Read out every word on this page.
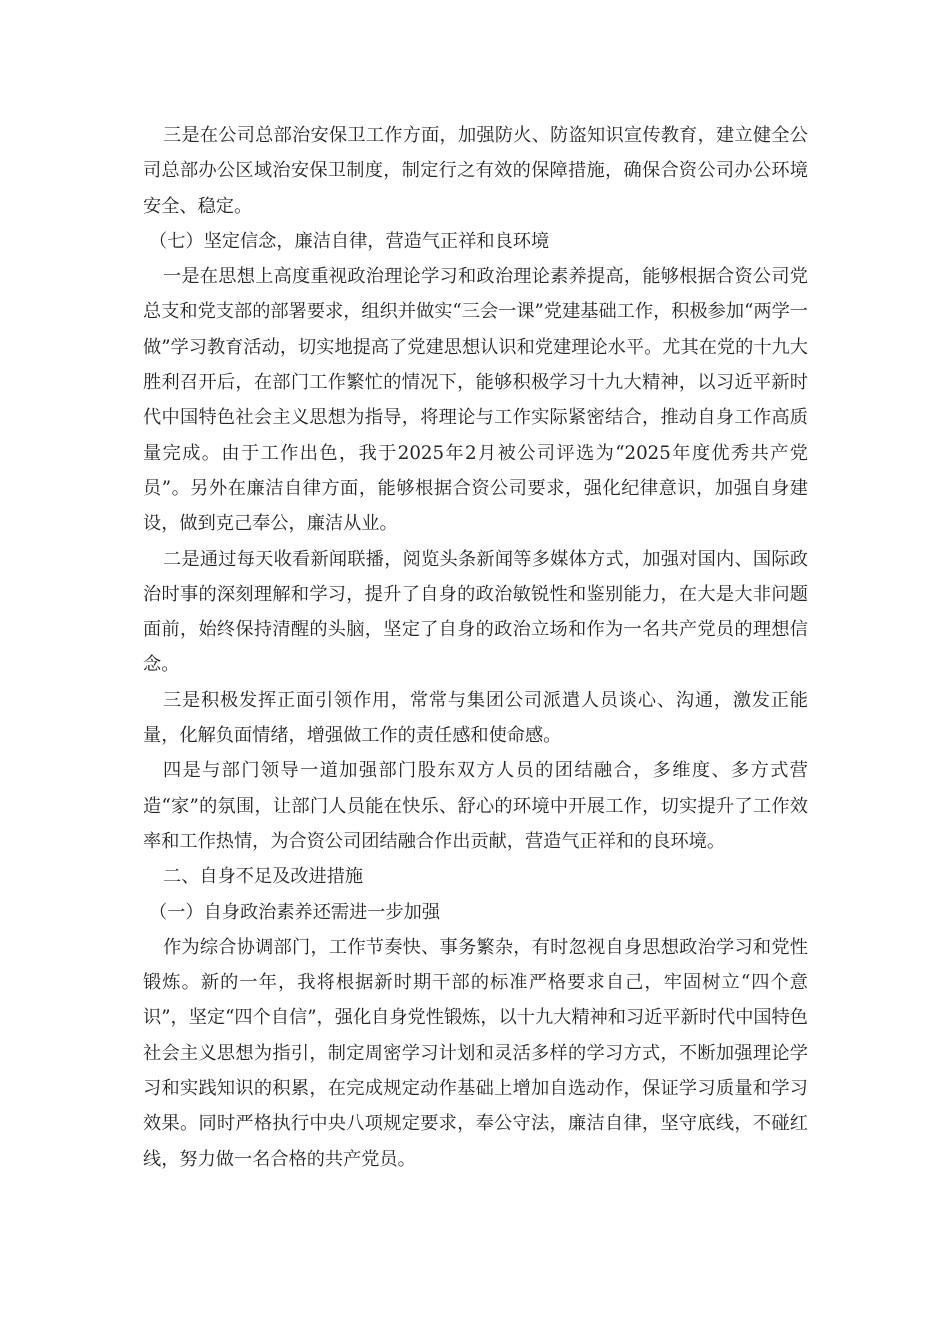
三是在公司总部治安保卫工作方面，加强防火、防盗知识宣传教育，建立健全公司总部办公区域治安保卫制度，制定行之有效的保障措施，确保合资公司办公环境安全、稳定。

（七）坚定信念，廉洁自律，营造气正祥和良环境

一是在思想上高度重视政治理论学习和政治理论素养提高，能够根据合资公司党总支和党支部的部署要求，组织并做实“三会一课”党建基础工作，积极参加“两学一做”学习教育活动，切实地提高了党建思想认识和党建理论水平。尤其在党的十九大胜利召开后，在部门工作繁忙的情况下，能够积极学习十九大精神，以习近平新时代中国特色社会主义思想为指导，将理论与工作实际紧密结合，推动自身工作高质量完成。由于工作出色，我于2025年2月被公司评选为“2025年度优秀共产党员”。另外在廉洁自律方面，能够根据合资公司要求，强化纪律意识，加强自身建设，做到克己奉公，廉洁从业。

二是通过每天收看新闻联播，阅览头条新闻等多媒体方式，加强对国内、国际政治时事的深刻理解和学习，提升了自身的政治敏锐性和鉴别能力，在大是大非问题面前，始终保持清醒的头脑，坚定了自身的政治立场和作为一名共产党员的理想信念。

三是积极发挥正面引领作用，常常与集团公司派遣人员谈心、沟通，激发正能量，化解负面情绪，增强做工作的责任感和使命感。

四是与部门领导一道加强部门股东双方人员的团结融合，多维度、多方式营造“家”的氛围，让部门人员能在快乐、舒心的环境中开展工作，切实提升了工作效率和工作热情，为合资公司团结融合作出贡献，营造气正祥和的良环境。

二、自身不足及改进措施

（一）自身政治素养还需进一步加强

作为综合协调部门，工作节奏快、事务繁杂，有时忽视自身思想政治学习和党性锻炼。新的一年，我将根据新时期干部的标准严格要求自己，牢固树立“四个意识”，坚定“四个自信”，强化自身党性锻炼，以十九大精神和习近平新时代中国特色社会主义思想为指引，制定周密学习计划和灵活多样的学习方式，不断加强理论学习和实践知识的积累，在完成规定动作基础上增加自选动作，保证学习质量和学习效果。同时严格执行中央八项规定要求，奉公守法，廉洁自律，坚守底线，不碰红线，努力做一名合格的共产党员。
